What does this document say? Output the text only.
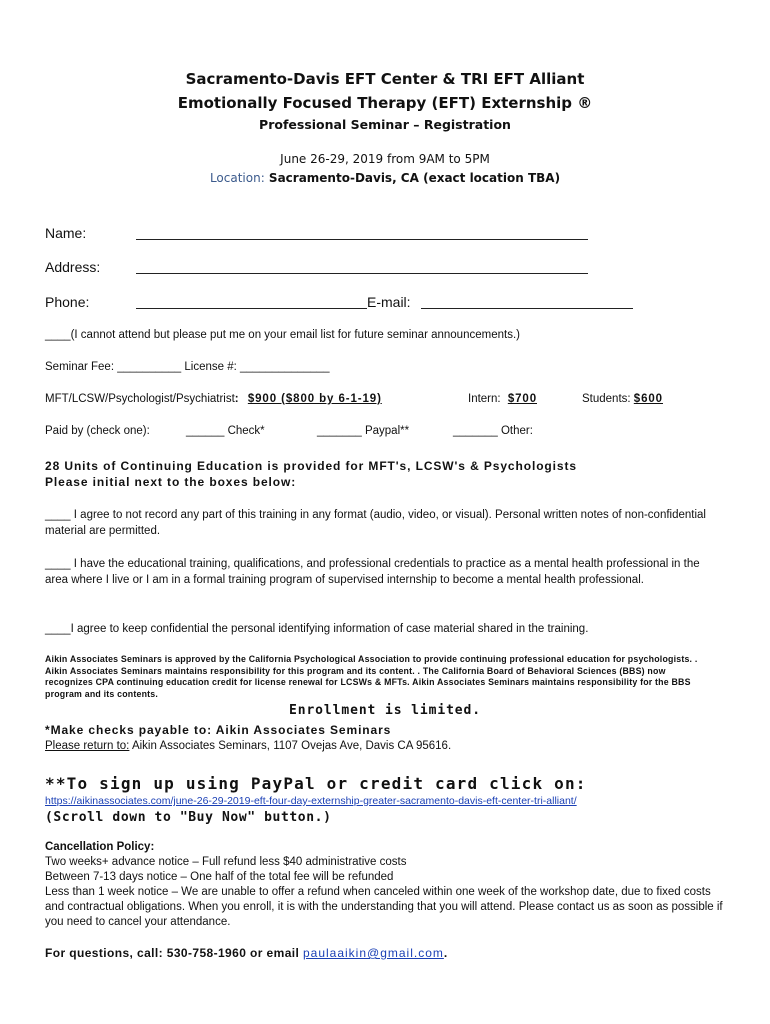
Sacramento-Davis EFT Center & TRI EFT Alliant
Emotionally Focused Therapy (EFT) Externship ®
Professional Seminar – Registration
June 26-29, 2019 from 9AM to 5PM
Location: Sacramento-Davis, CA (exact location TBA)
Name:
Address:
Phone:	E-mail:
____(I cannot attend but please put me on your email list for future seminar announcements.)
Seminar Fee: __________ License #: ______________
MFT/LCSW/Psychologist/Psychiatrist: $900 ($800 by 6-1-19)	Intern: $700	Students: $600
Paid by (check one):	______ Check*	_______ Paypal**	_______ Other:
28 Units of Continuing Education is provided for MFT's, LCSW's & Psychologists
Please initial next to the boxes below:
____ I agree to not record any part of this training in any format (audio, video, or visual). Personal written notes of non-confidential material are permitted.
____ I have the educational training, qualifications, and professional credentials to practice as a mental health professional in the area where I live or I am in a formal training program of supervised internship to become a mental health professional.
____I agree to keep confidential the personal identifying information of case material shared in the training.
Aikin Associates Seminars is approved by the California Psychological Association to provide continuing professional education for psychologists. . Aikin Associates Seminars maintains responsibility for this program and its content. . The California Board of Behavioral Sciences (BBS) now recognizes CPA continuing education credit for license renewal for LCSWs & MFTs. Aikin Associates Seminars maintains responsibility for the BBS program and its contents.
Enrollment is limited.
*Make checks payable to: Aikin Associates Seminars
Please return to: Aikin Associates Seminars, 1107 Ovejas Ave, Davis CA 95616.
**To sign up using PayPal or credit card click on:
https://aikinassociates.com/june-26-29-2019-eft-four-day-externship-greater-sacramento-davis-eft-center-tri-alliant/
(Scroll down to "Buy Now" button.)
Cancellation Policy:
Two weeks+ advance notice – Full refund less $40 administrative costs
Between 7-13 days notice – One half of the total fee will be refunded
Less than 1 week notice – We are unable to offer a refund when canceled within one week of the workshop date, due to fixed costs and contractual obligations. When you enroll, it is with the understanding that you will attend. Please contact us as soon as possible if you need to cancel your attendance.
For questions, call: 530-758-1960 or email paulaaikin@gmail.com.
